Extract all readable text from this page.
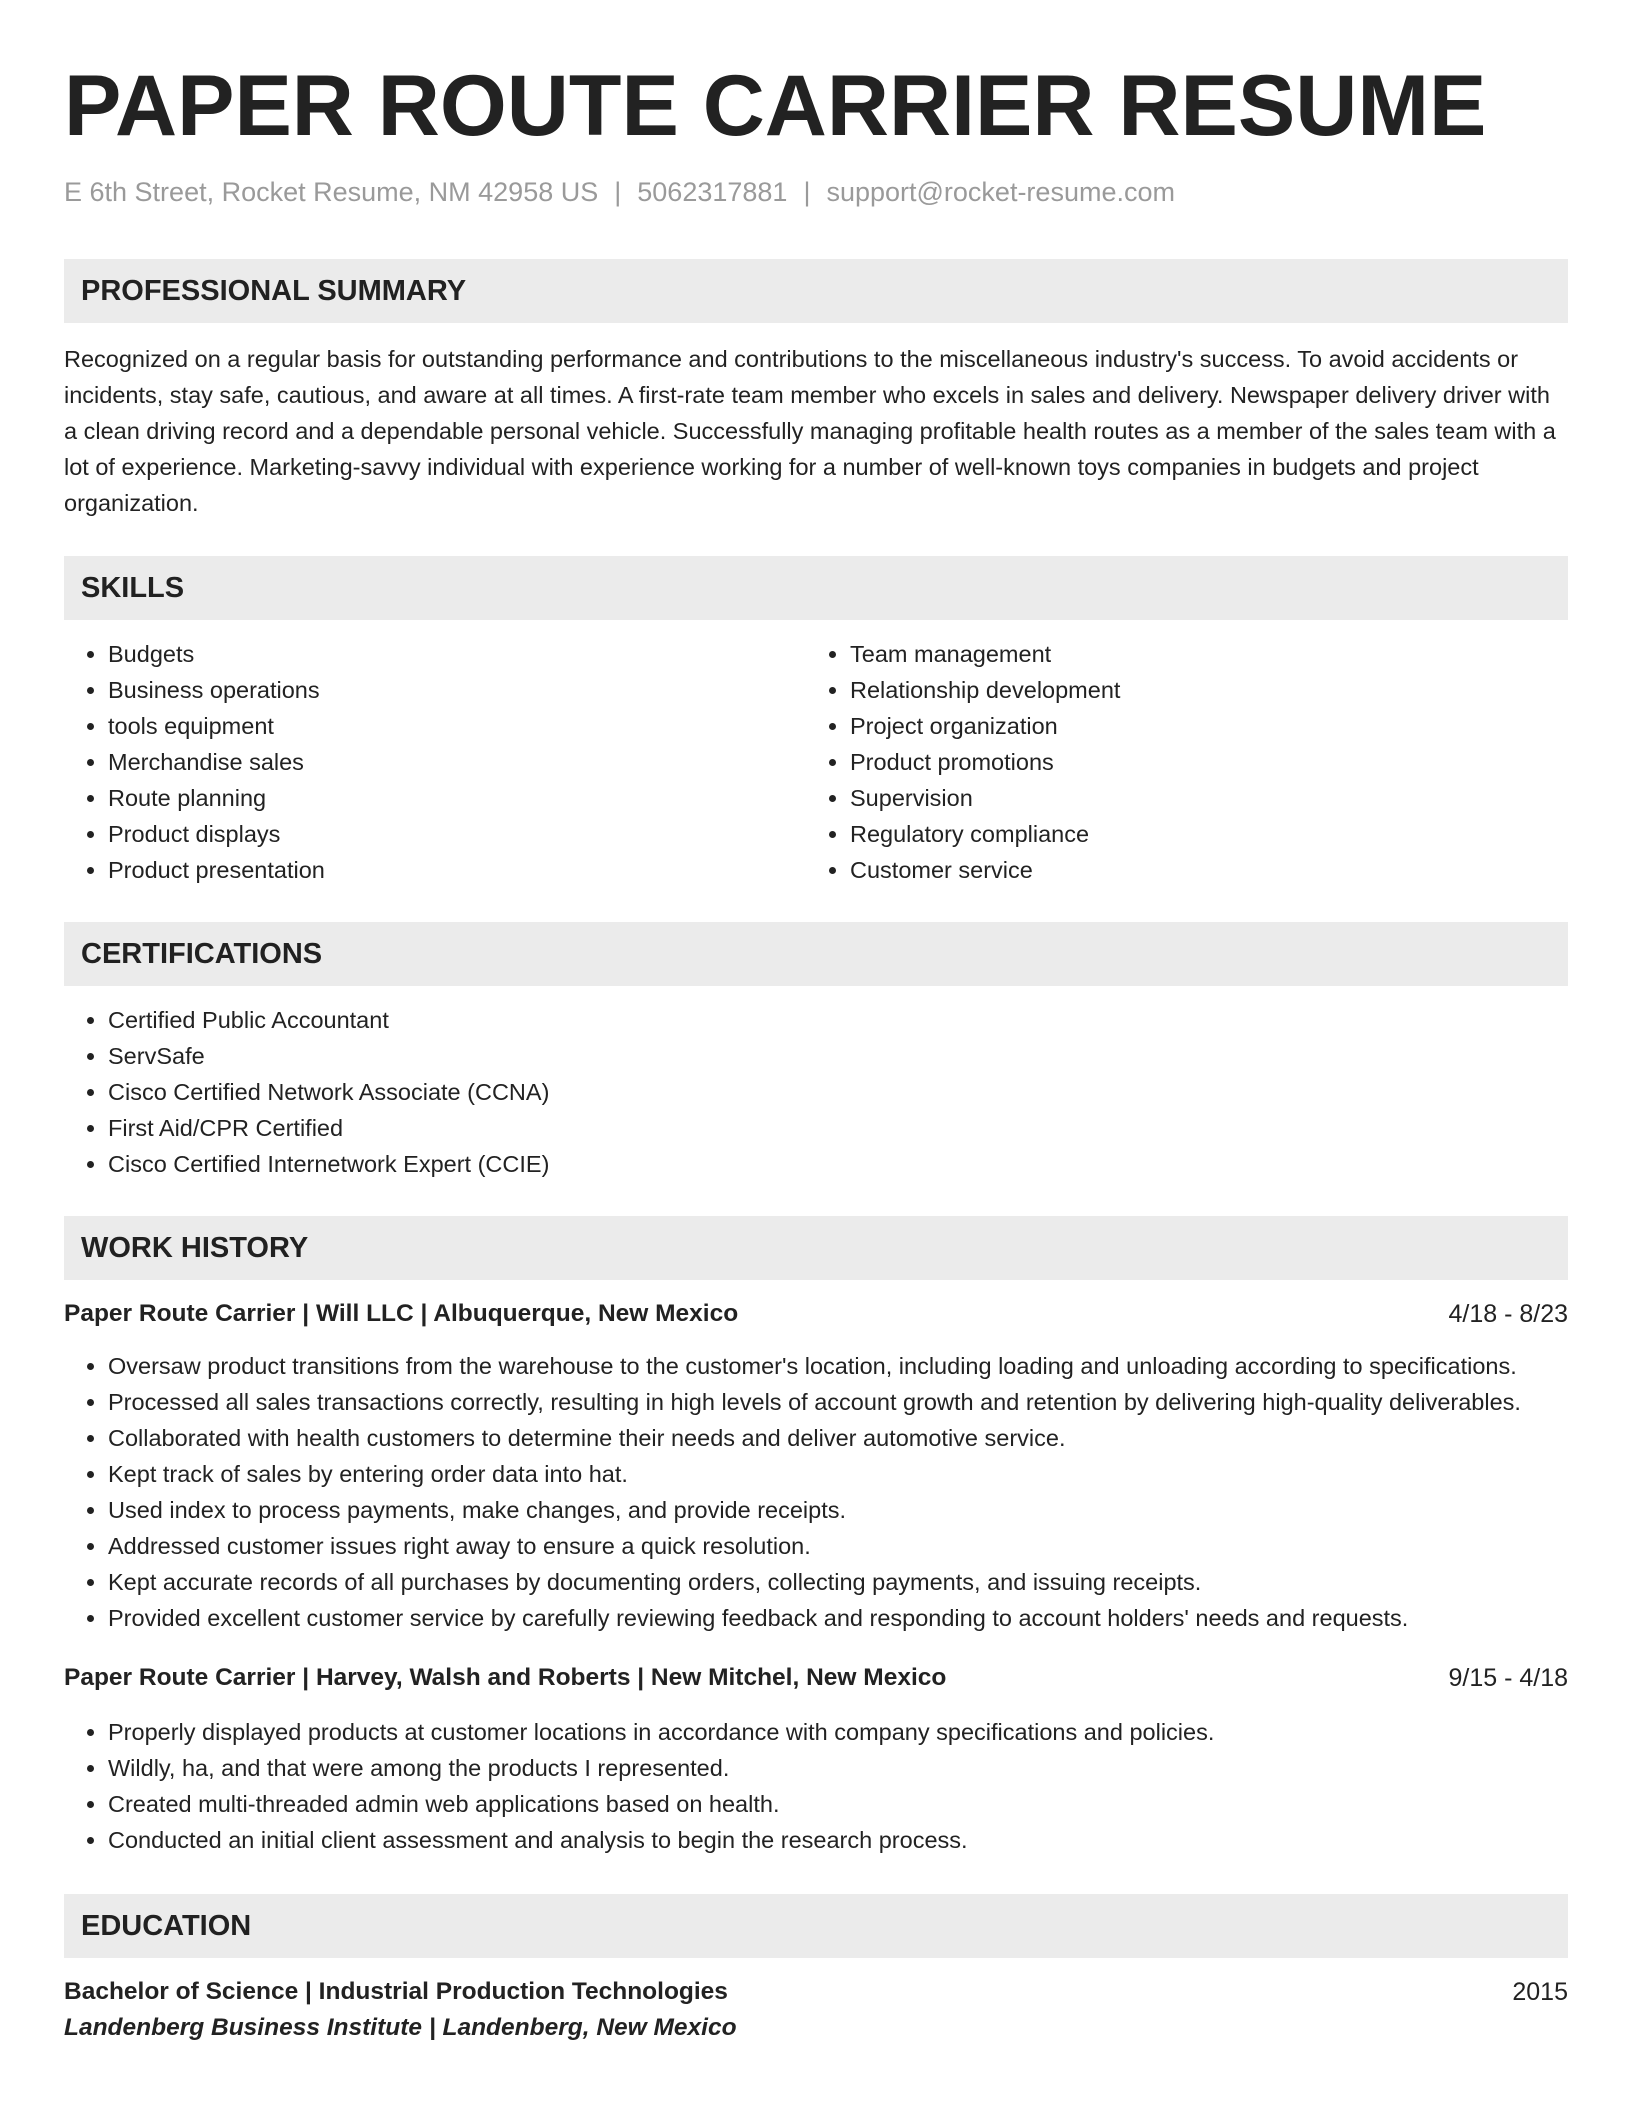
PAPER ROUTE CARRIER RESUME
E 6th Street, Rocket Resume, NM 42958 US | 5062317881 | support@rocket-resume.com
PROFESSIONAL SUMMARY

Recognized on a regular basis for outstanding performance and contributions to the miscellaneous industry's success. To avoid accidents or incidents, stay safe, cautious, and aware at all times. A first-rate team member who excels in sales and delivery. Newspaper delivery driver with a clean driving record and a dependable personal vehicle. Successfully managing profitable health routes as a member of the sales team with a lot of experience. Marketing-savvy individual with experience working for a number of well-known toys companies in budgets and project organization.

SKILLS
• Budgets
• Business operations
• tools equipment
• Merchandise sales
• Route planning
• Product displays
• Product presentation
• Team management
• Relationship development
• Project organization
• Product promotions
• Supervision
• Regulatory compliance
• Customer service
CERTIFICATIONS
• Certified Public Accountant
• ServSafe
• Cisco Certified Network Associate (CCNA)
• First Aid/CPR Certified
• Cisco Certified Internetwork Expert (CCIE)
WORK HISTORY
Paper Route Carrier | Will LLC | Albuquerque, New Mexico	4/18 - 8/23
• Oversaw product transitions from the warehouse to the customer's location, including loading and unloading according to specifications.
• Processed all sales transactions correctly, resulting in high levels of account growth and retention by delivering high-quality deliverables.
• Collaborated with health customers to determine their needs and deliver automotive service.
• Kept track of sales by entering order data into hat.
• Used index to process payments, make changes, and provide receipts.
• Addressed customer issues right away to ensure a quick resolution.
• Kept accurate records of all purchases by documenting orders, collecting payments, and issuing receipts.
• Provided excellent customer service by carefully reviewing feedback and responding to account holders' needs and requests.
Paper Route Carrier | Harvey, Walsh and Roberts | New Mitchel, New Mexico	9/15 - 4/18
• Properly displayed products at customer locations in accordance with company specifications and policies.
• Wildly, ha, and that were among the products I represented.
• Created multi-threaded admin web applications based on health.
• Conducted an initial client assessment and analysis to begin the research process.
EDUCATION
Bachelor of Science | Industrial Production Technologies	2015
Landenberg Business Institute | Landenberg, New Mexico
